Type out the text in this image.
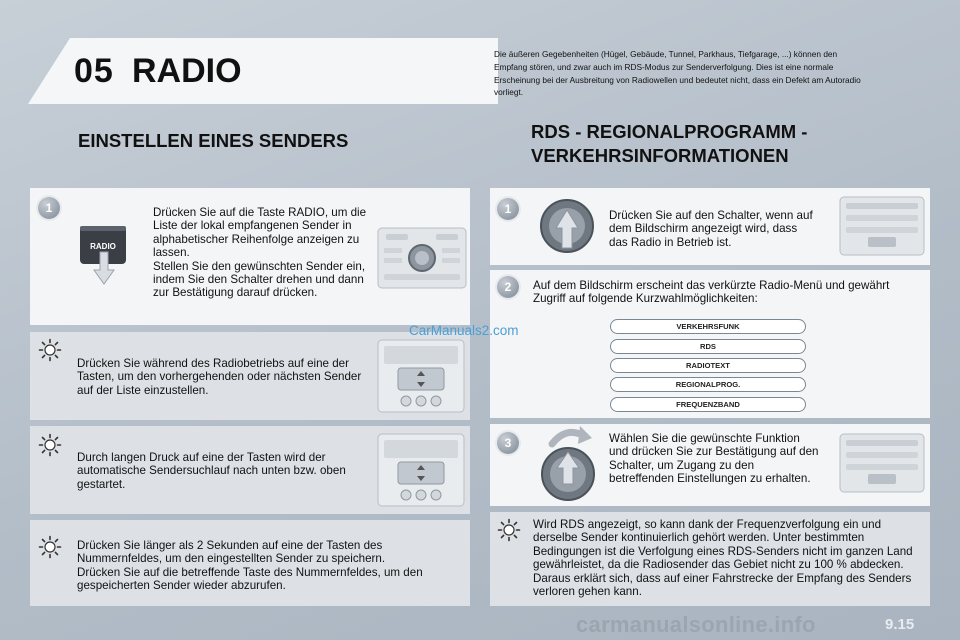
05 RADIO	Die äußeren Gegebenheiten (Hügel, Gebäude, Tunnel, Parkhaus, Tiefgarage, ...) können den Empfang stören, und zwar auch im RDS-Modus zur Senderverfolgung. Dies ist eine normale Erscheinung bei der Ausbreitung von Radiowellen und bedeutet nicht, dass ein Defekt am Autoradio vorliegt.
EINSTELLEN EINES SENDERS	RDS - REGIONALPROGRAMM - VERKEHRSINFORMATIONEN
1
RADIO
Drücken Sie auf die Taste RADIO, um die Liste der lokal empfangenen Sender in alphabetischer Reihenfolge anzeigen zu lassen.
Stellen Sie den gewünschten Sender ein, indem Sie den Schalter drehen und dann zur Bestätigung darauf drücken.
Drücken Sie während des Radiobetriebs auf eine der Tasten, um den vorhergehenden oder nächsten Sender auf der Liste einzustellen.
Durch langen Druck auf eine der Tasten wird der automatische Sendersuchlauf nach unten bzw. oben gestartet.
Drücken Sie länger als 2 Sekunden auf eine der Tasten des Nummernfeldes, um den eingestellten Sender zu speichern.
Drücken Sie auf die betreffende Taste des Nummernfeldes, um den gespeicherten Sender wieder abzurufen.
1	Drücken Sie auf den Schalter, wenn auf dem Bildschirm angezeigt wird, dass das Radio in Betrieb ist.
2	Auf dem Bildschirm erscheint das verkürzte Radio-Menü und gewährt Zugriff auf folgende Kurzwahlmöglichkeiten:
VERKEHRSFUNK
RDS
RADIOTEXT
REGIONALPROG.
FREQUENZBAND
3	Wählen Sie die gewünschte Funktion und drücken Sie zur Bestätigung auf den Schalter, um Zugang zu den betreffenden Einstellungen zu erhalten.
Wird RDS angezeigt, so kann dank der Frequenzverfolgung ein und derselbe Sender kontinuierlich gehört werden. Unter bestimmten Bedingungen ist die Verfolgung eines RDS-Senders nicht im ganzen Land gewährleistet, da die Radiosender das Gebiet nicht zu 100 % abdecken. Daraus erklärt sich, dass auf einer Fahrstrecke der Empfang des Senders verloren gehen kann.
CarManuals2.com
carmanualsonline.info	9.15
